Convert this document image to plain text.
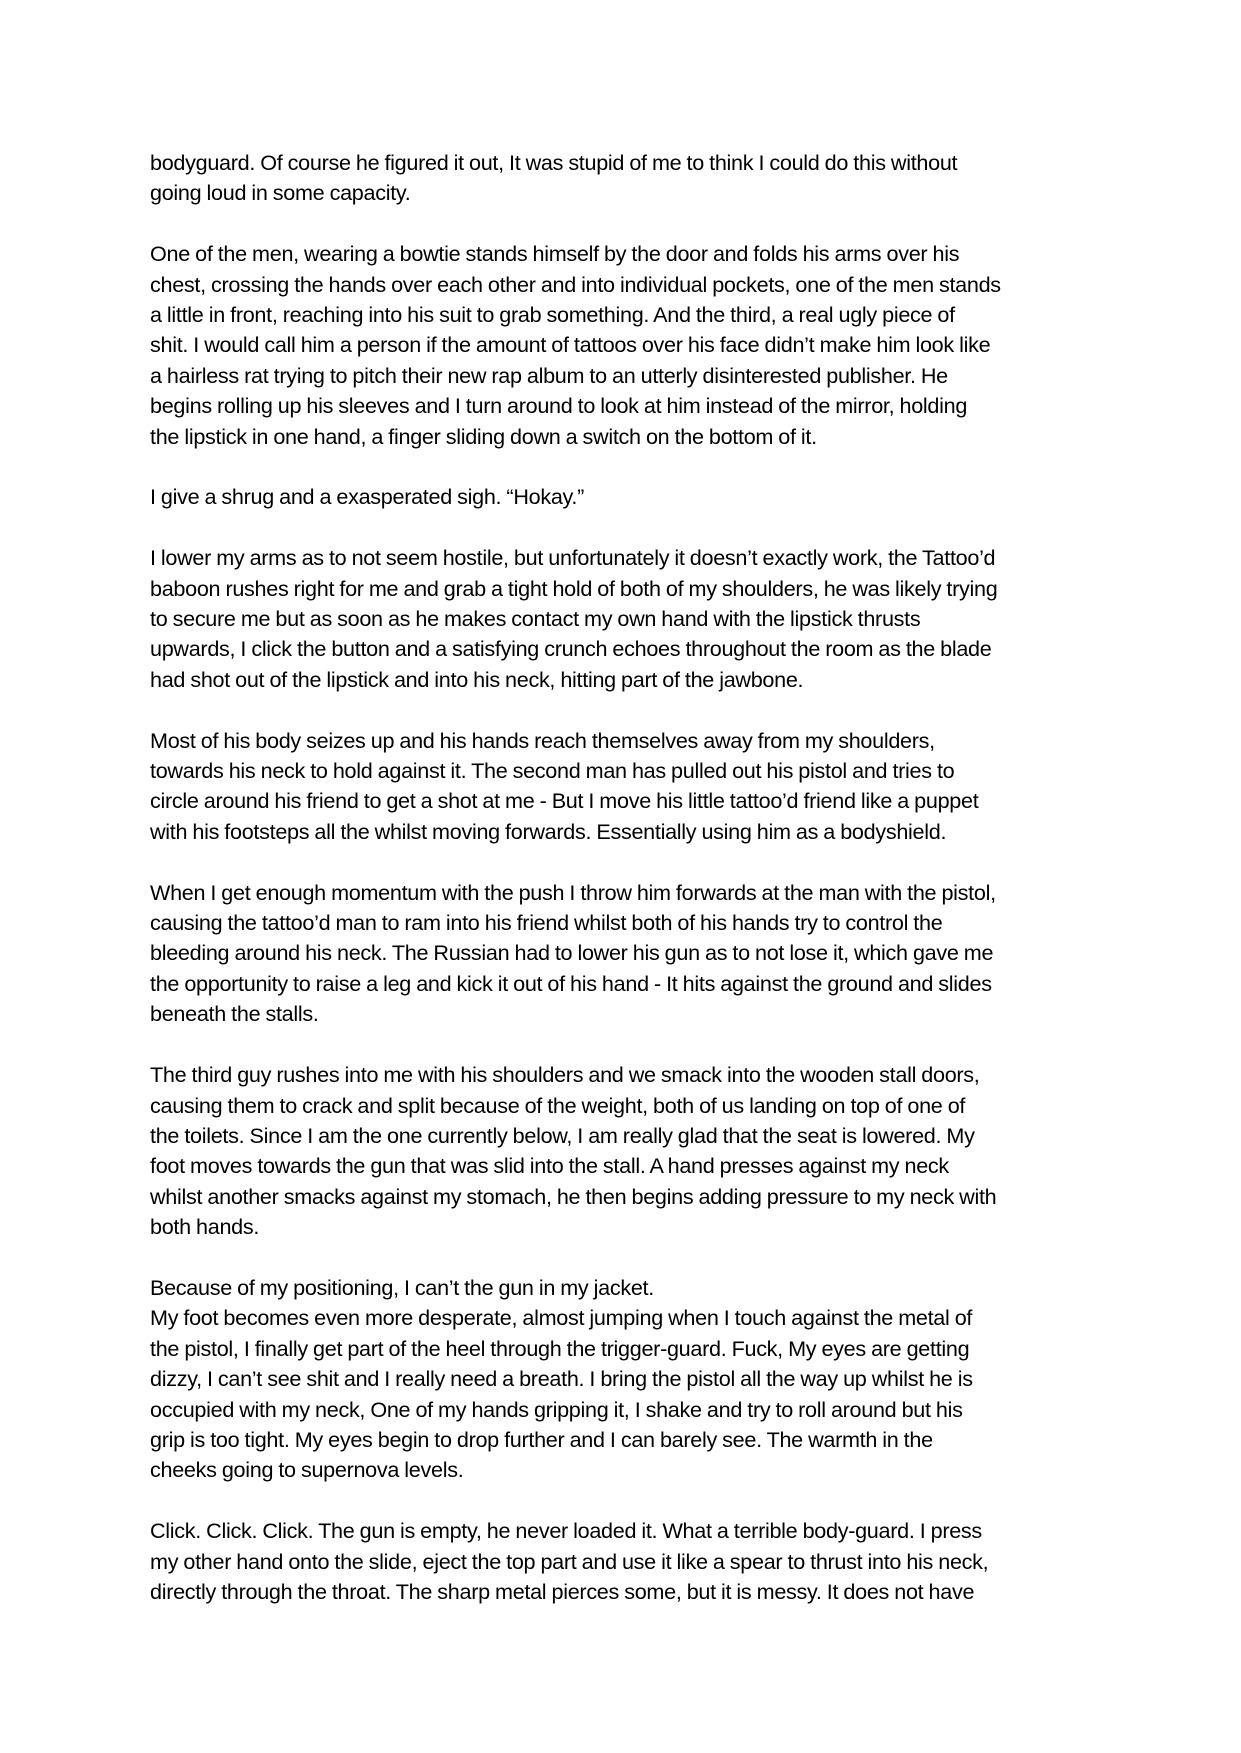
bodyguard. Of course he figured it out, It was stupid of me to think I could do this without
going loud in some capacity.

One of the men, wearing a bowtie stands himself by the door and folds his arms over his
chest, crossing the hands over each other and into individual pockets, one of the men stands
a little in front, reaching into his suit to grab something. And the third, a real ugly piece of
shit. I would call him a person if the amount of tattoos over his face didn’t make him look like
a hairless rat trying to pitch their new rap album to an utterly disinterested publisher. He
begins rolling up his sleeves and I turn around to look at him instead of the mirror, holding
the lipstick in one hand, a finger sliding down a switch on the bottom of it.

I give a shrug and a exasperated sigh. “Hokay.”

I lower my arms as to not seem hostile, but unfortunately it doesn’t exactly work, the Tattoo’d
baboon rushes right for me and grab a tight hold of both of my shoulders, he was likely trying
to secure me but as soon as he makes contact my own hand with the lipstick thrusts
upwards, I click the button and a satisfying crunch echoes throughout the room as the blade
had shot out of the lipstick and into his neck, hitting part of the jawbone.

Most of his body seizes up and his hands reach themselves away from my shoulders,
towards his neck to hold against it. The second man has pulled out his pistol and tries to
circle around his friend to get a shot at me - But I move his little tattoo’d friend like a puppet
with his footsteps all the whilst moving forwards. Essentially using him as a bodyshield.

When I get enough momentum with the push I throw him forwards at the man with the pistol,
causing the tattoo’d man to ram into his friend whilst both of his hands try to control the
bleeding around his neck. The Russian had to lower his gun as to not lose it, which gave me
the opportunity to raise a leg and kick it out of his hand - It hits against the ground and slides
beneath the stalls.

The third guy rushes into me with his shoulders and we smack into the wooden stall doors,
causing them to crack and split because of the weight, both of us landing on top of one of
the toilets. Since I am the one currently below, I am really glad that the seat is lowered. My
foot moves towards the gun that was slid into the stall. A hand presses against my neck
whilst another smacks against my stomach, he then begins adding pressure to my neck with
both hands.

Because of my positioning, I can’t the gun in my jacket.

My foot becomes even more desperate, almost jumping when I touch against the metal of
the pistol, I finally get part of the heel through the trigger-guard. Fuck, My eyes are getting
dizzy, I can’t see shit and I really need a breath. I bring the pistol all the way up whilst he is
occupied with my neck, One of my hands gripping it, I shake and try to roll around but his
grip is too tight. My eyes begin to drop further and I can barely see. The warmth in the
cheeks going to supernova levels.

Click. Click. Click. The gun is empty, he never loaded it. What a terrible body-guard. I press
my other hand onto the slide, eject the top part and use it like a spear to thrust into his neck,
directly through the throat. The sharp metal pierces some, but it is messy. It does not have
